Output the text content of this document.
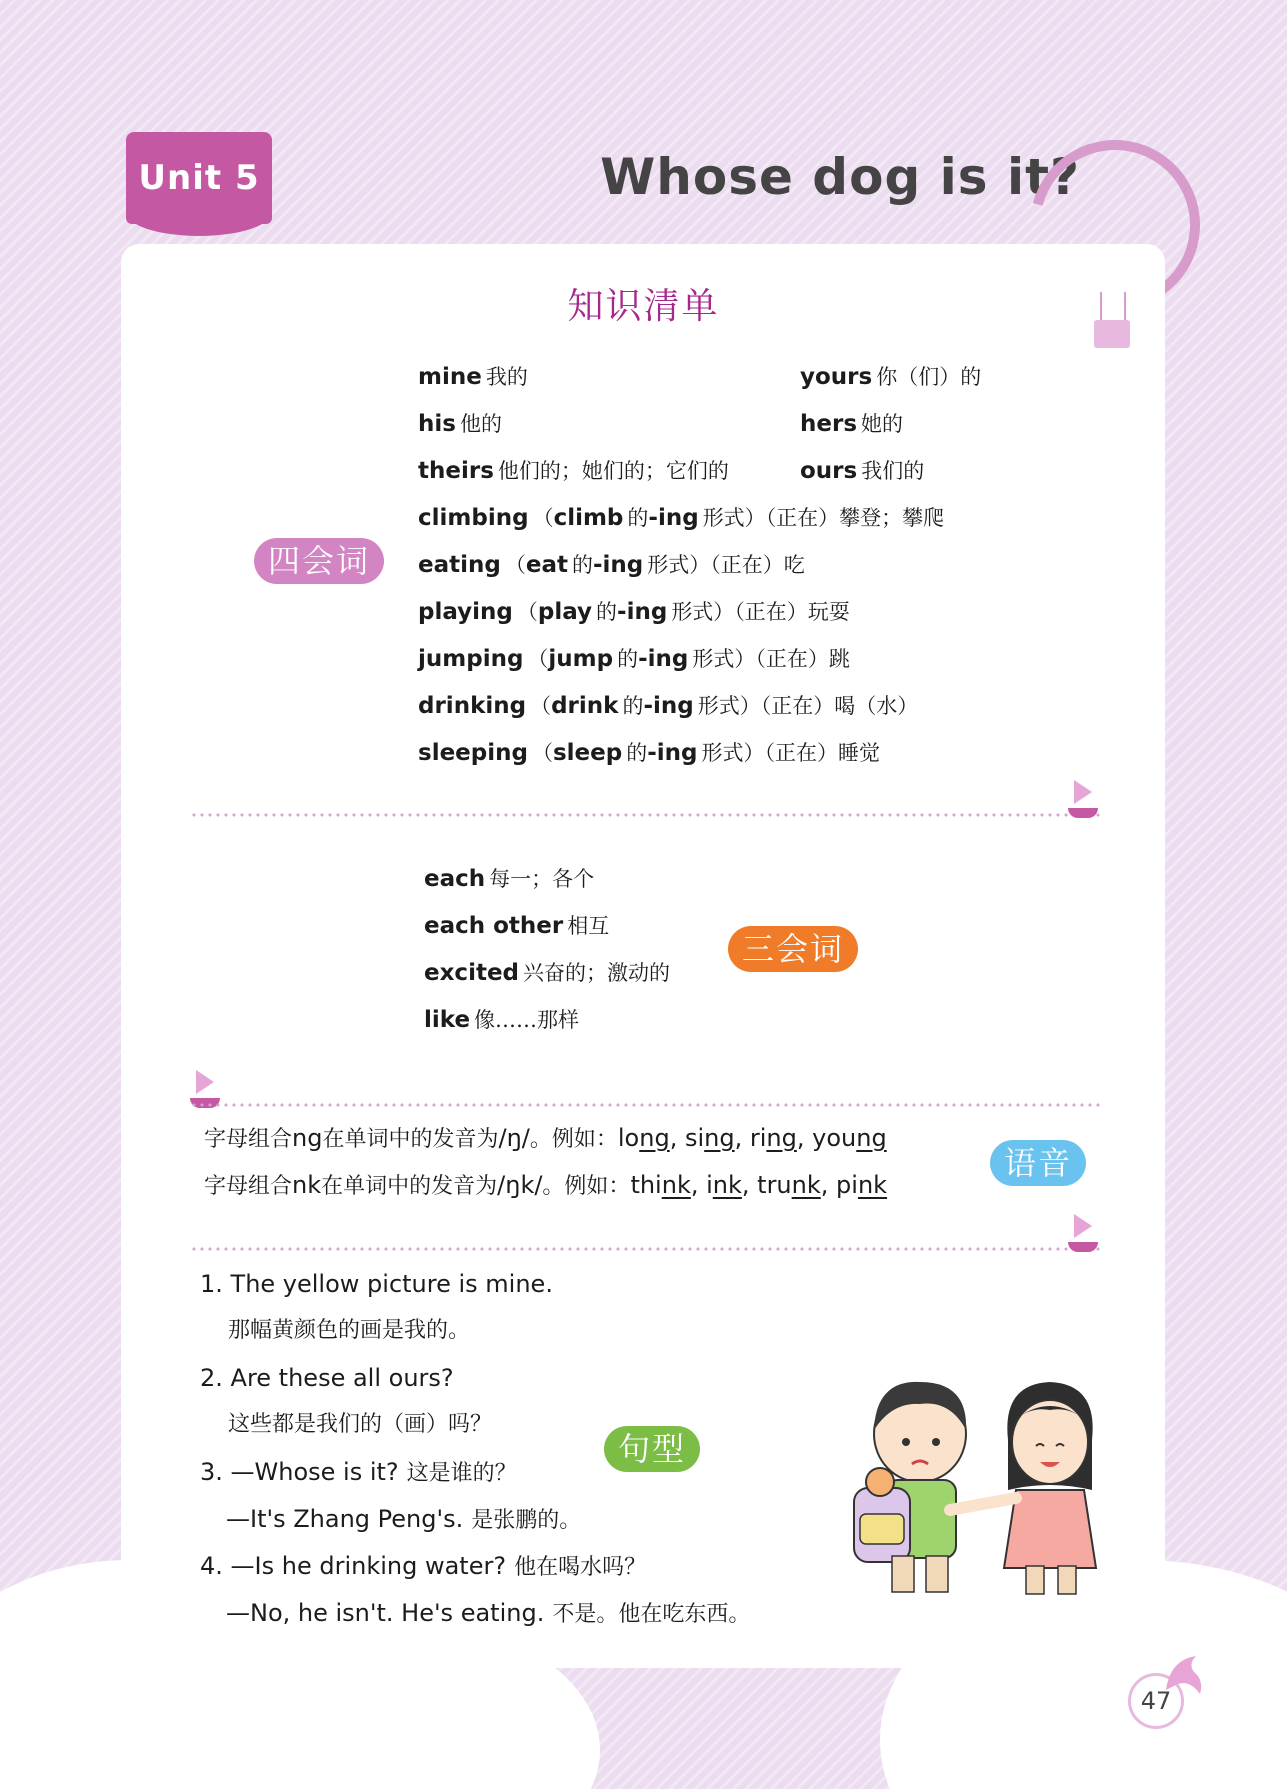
Unit 5	Whose dog is it?
知识清单
四会词
mine 我的
his 他的
theirs 他们的；她们的；它们的
yours 你（们）的
hers 她的
ours 我们的
climbing （climb 的-ing 形式）（正在）攀登；攀爬
eating （eat 的-ing 形式）（正在）吃
playing （play 的-ing 形式）（正在）玩耍
jumping （jump 的-ing 形式）（正在）跳
drinking （drink 的-ing 形式）（正在）喝（水）
sleeping （sleep 的-ing 形式）（正在）睡觉
each 每一；各个
each other 相互
excited 兴奋的；激动的
like 像……那样
三会词
字母组合ng在单词中的发音为/ŋ/。例如：long, sing, ring, young
字母组合nk在单词中的发音为/ŋk/。例如：think, ink, trunk, pink
语音
1. The yellow picture is mine.
那幅黄颜色的画是我的。
2. Are these all ours?
这些都是我们的（画）吗？
3. —Whose is it? 这是谁的？
—It's Zhang Peng's. 是张鹏的。
4. —Is he drinking water? 他在喝水吗？
—No, he isn't. He's eating. 不是。他在吃东西。
句型
47
